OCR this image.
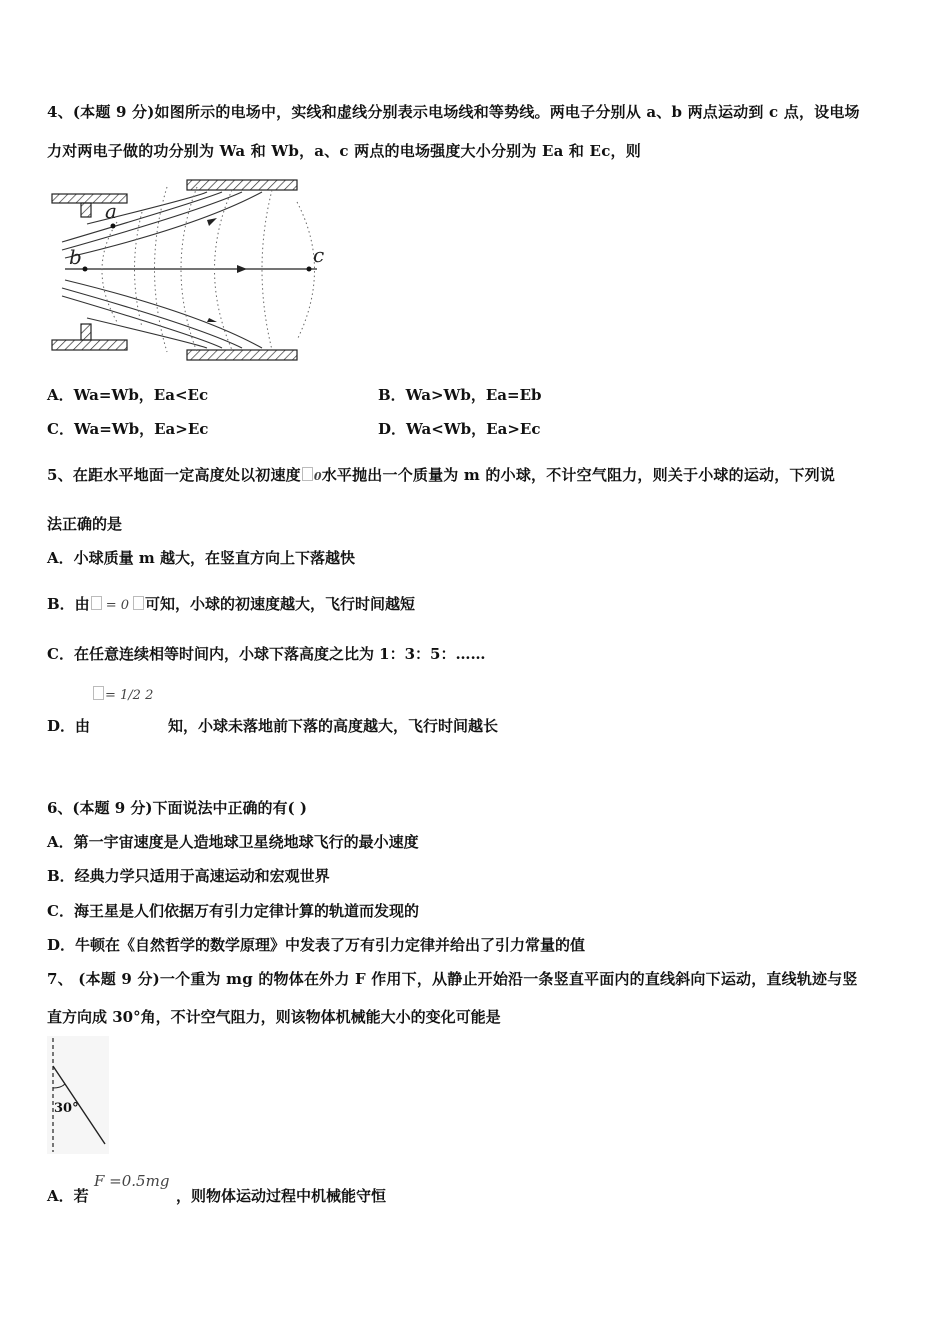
4、(本题 9 分)如图所示的电场中，实线和虚线分别表示电场线和等势线。两电子分别从 a、b 两点运动到 c 点，设电场
力对两电子做的功分别为 Wa 和 Wb，a、c 两点的电场强度大小分别为 Ea 和 Ec，则
a
b	c
A．Wa=Wb，Ea<Ec	B．Wa>Wb，Ea=Eb
C．Wa=Wb，Ea>Ec	D．Wa<Wb，Ea>Ec
5、在距水平地面一定高度处以初速度 0水平抛出一个质量为 m 的小球，不计空气阻力，则关于小球的运动，下列说
法正确的是
A．小球质量 m 越大，在竖直方向上下落越快
B．由 = 0 可知，小球的初速度越大，飞行时间越短
C．在任意连续相等时间内，小球下落高度之比为 1：3：5：……
= 1/2 2
D．由	知，小球未落地前下落的高度越大，飞行时间越长
6、(本题 9 分)下面说法中正确的有( )
A．第一宇宙速度是人造地球卫星绕地球飞行的最小速度
B．经典力学只适用于高速运动和宏观世界
C．海王星是人们依据万有引力定律计算的轨道而发现的
D．牛顿在《自然哲学的数学原理》中发表了万有引力定律并给出了引力常量的值
7、 (本题 9 分)一个重为 mg 的物体在外力 F 作用下，从静止开始沿一条竖直平面内的直线斜向下运动，直线轨迹与竖
直方向成 30°角，不计空气阻力，则该物体机械能大小的变化可能是
30°
A．若
F =0.5mg
，则物体运动过程中机械能守恒
